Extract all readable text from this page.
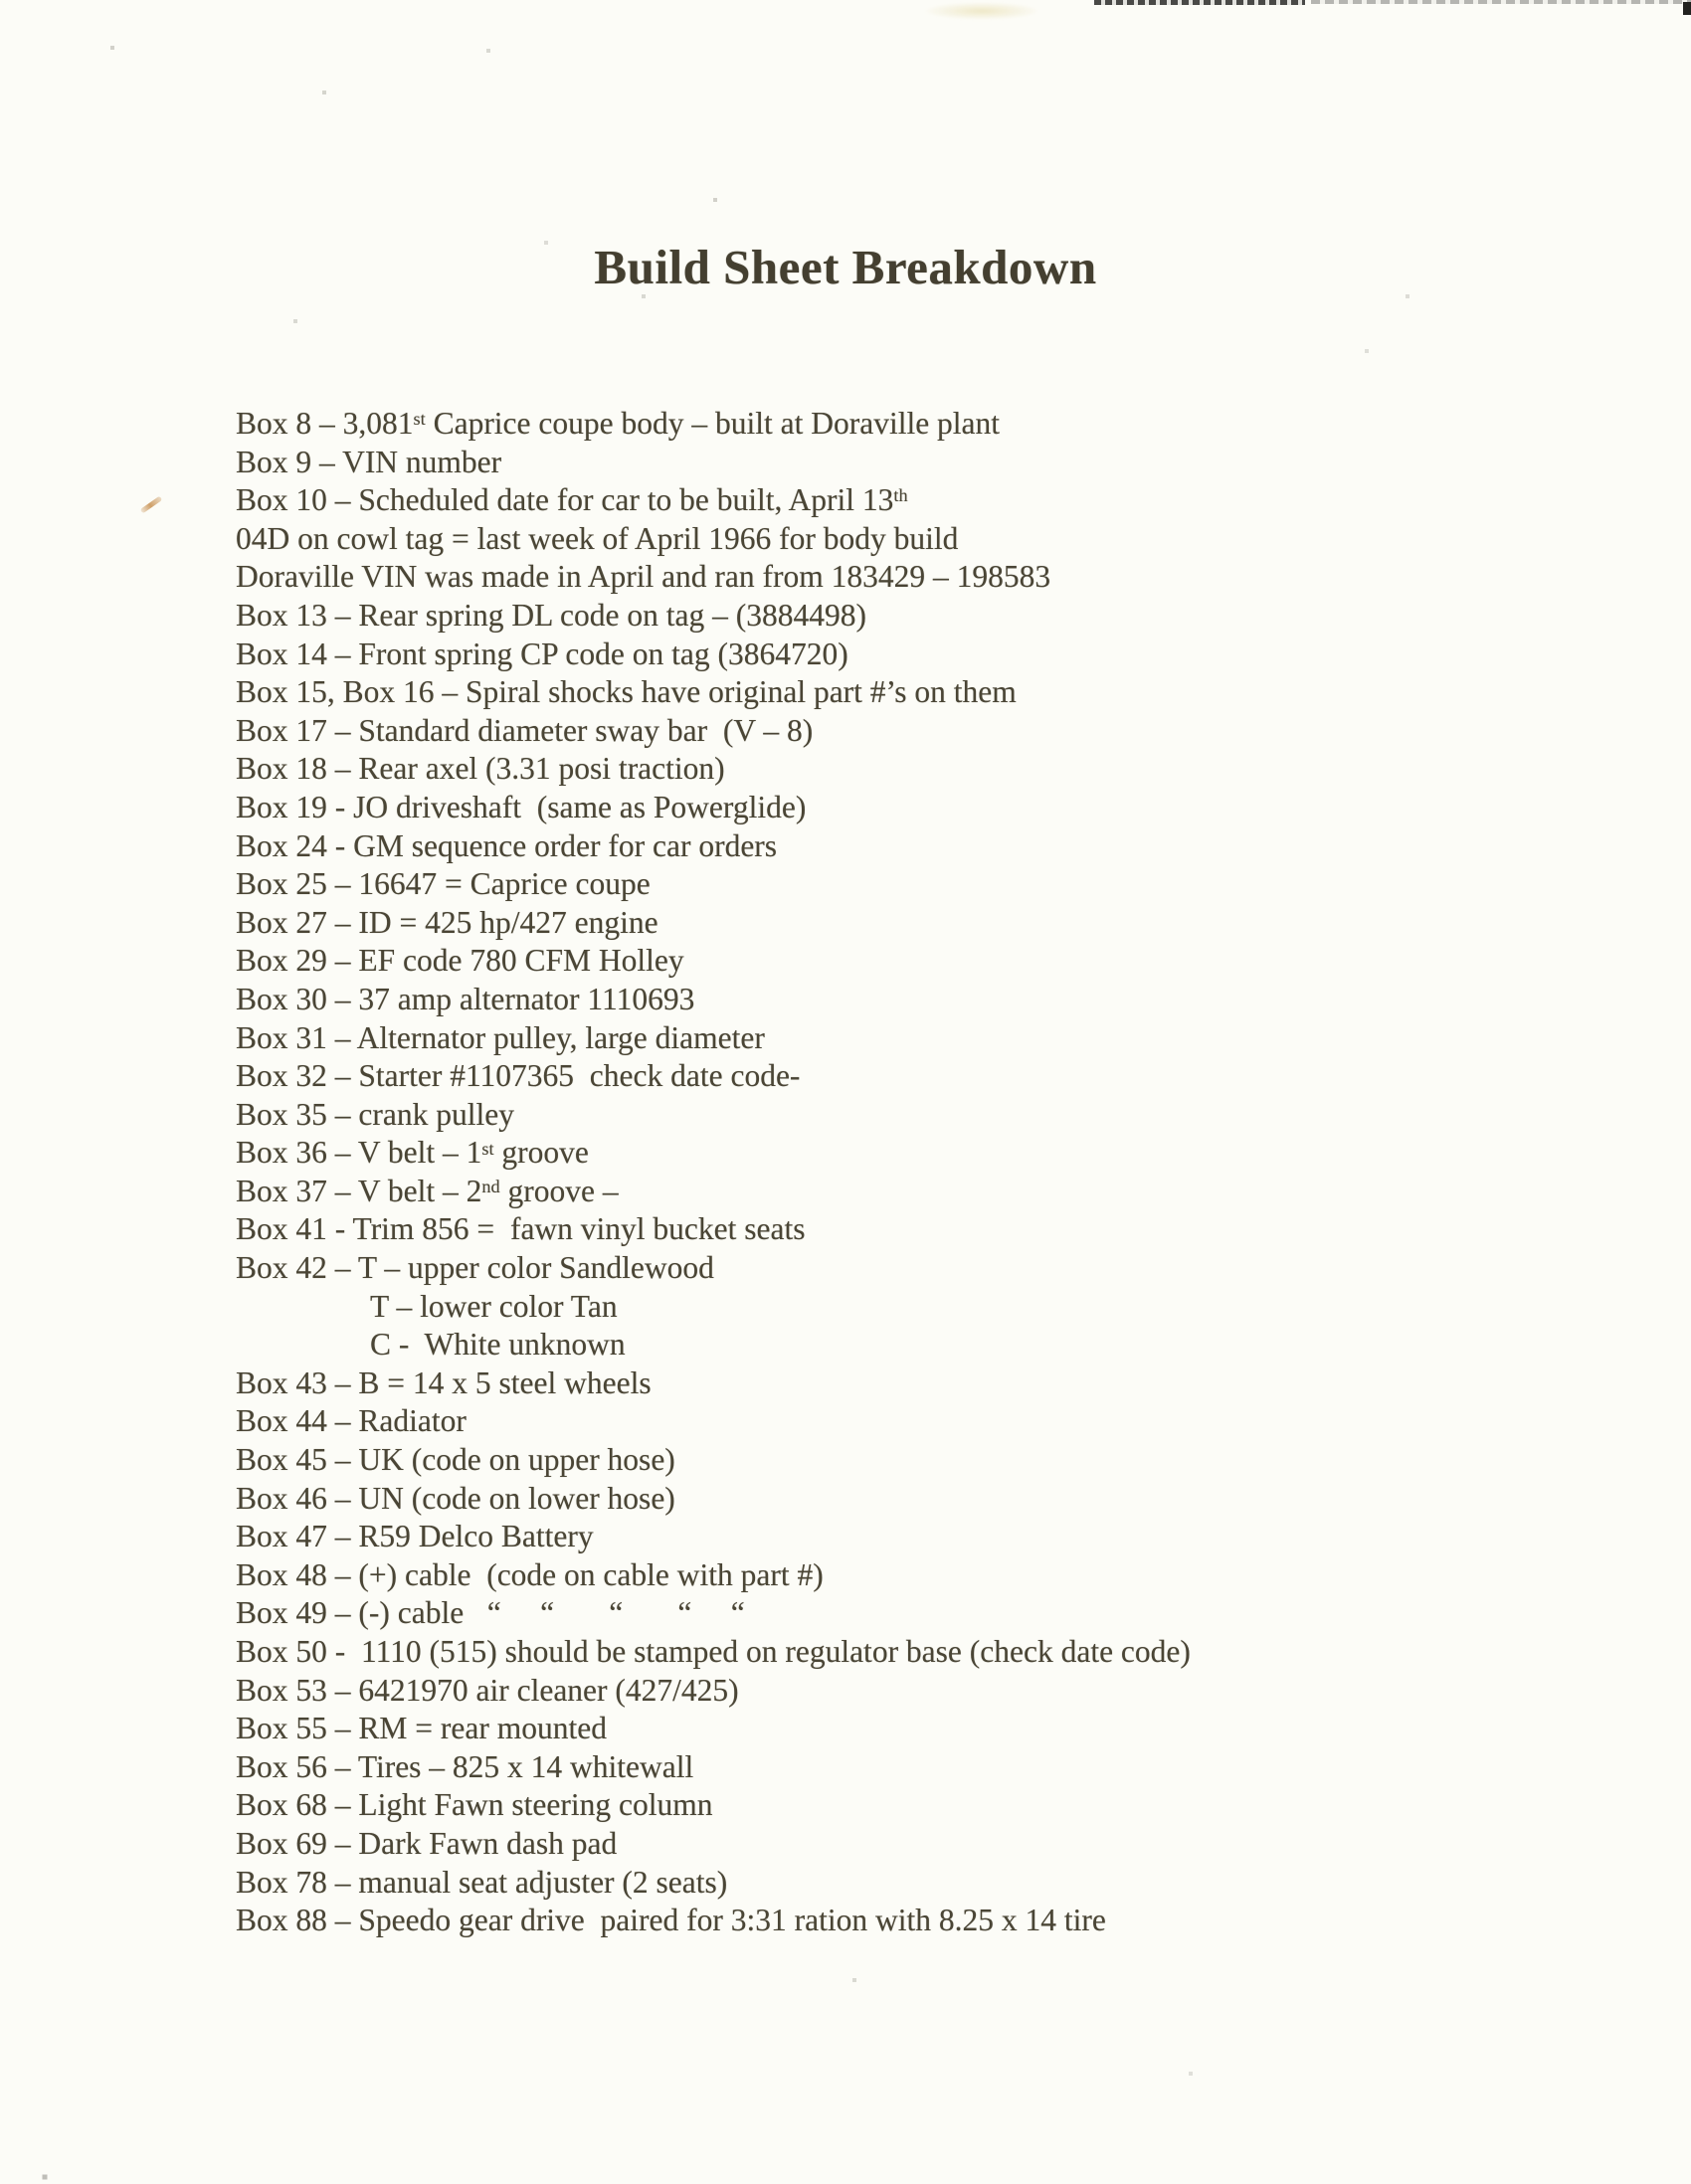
Build Sheet Breakdown
Box 8 – 3,081st Caprice coupe body – built at Doraville plant
Box 9 – VIN number
Box 10 – Scheduled date for car to be built, April 13th
04D on cowl tag = last week of April 1966 for body build
Doraville VIN was made in April and ran from 183429 – 198583
Box 13 – Rear spring DL code on tag – (3884498)
Box 14 – Front spring CP code on tag (3864720)
Box 15, Box 16 – Spiral shocks have original part #’s on them
Box 17 – Standard diameter sway bar  (V – 8)
Box 18 – Rear axel (3.31 posi traction)
Box 19 - JO driveshaft  (same as Powerglide)
Box 24 - GM sequence order for car orders
Box 25 – 16647 = Caprice coupe
Box 27 – ID = 425 hp/427 engine
Box 29 – EF code 780 CFM Holley
Box 30 – 37 amp alternator 1110693
Box 31 – Alternator pulley, large diameter
Box 32 – Starter #1107365  check date code-
Box 35 – crank pulley
Box 36 – V belt – 1st groove
Box 37 – V belt – 2nd groove –
Box 41 - Trim 856 =  fawn vinyl bucket seats
Box 42 – T – upper color Sandlewood
T – lower color Tan
C -  White unknown
Box 43 – B = 14 x 5 steel wheels
Box 44 – Radiator
Box 45 – UK (code on upper hose)
Box 46 – UN (code on lower hose)
Box 47 – R59 Delco Battery
Box 48 – (+) cable  (code on cable with part #)
Box 49 – (-) cable   “     “       “       “     “
Box 50 -  1110 (515) should be stamped on regulator base (check date code)
Box 53 – 6421970 air cleaner (427/425)
Box 55 – RM = rear mounted
Box 56 – Tires – 825 x 14 whitewall
Box 68 – Light Fawn steering column
Box 69 – Dark Fawn dash pad
Box 78 – manual seat adjuster (2 seats)
Box 88 – Speedo gear drive  paired for 3:31 ration with 8.25 x 14 tire
